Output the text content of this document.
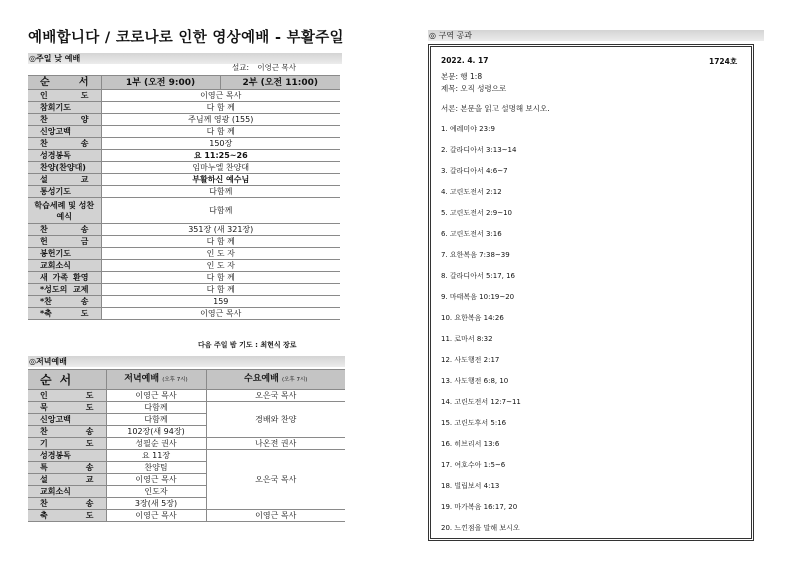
예배합니다 / 코로나로 인한 영상예배 - 부활주일
◎주일 낮 예배
설교: 이영근 목사
순 서	1부 (오전 9:00)	2부 (오전 11:00)
인 도	이영근 목사	
참회기도	다 함 께	
찬 양	주님께 영광 (155)	
신앙고백	다 함 께	
찬 송	150장	
성경봉독	요 11:25~26	
찬양(찬양대)	임마누엘 찬양대	
설 교	부활하신 예수님	
통성기도	다함께	
학습세례 및 성찬예식	다함께	
찬 송	351장 (새 321장)	
헌 금	다 함 께	
봉헌기도	인 도 자	
교회소식	인 도 자	
새 가족 환영	다 함 께	
*성도의 교제	다 함 께	
*찬 송	159	
*축 도	이영근 목사	
다음 주일 밤 기도 : 최현식 장로
◎저녁예배
순서	저녁예배 (오후 7시)	수요예배 (오후 7시)
인 도	이영근 목사	오은국 목사
묵 도	다함께	경배와 찬양
신앙고백	다함께	
찬 송	102장(새 94장)	
기 도	성필순 권사	나온전 권사
성경봉독	요 11장	오은국 목사
특 송	찬양팀	
설 교	이영근 목사	
교회소식	인도자	
찬 송	3장(새 5장)	
축 도	이영근 목사	이영근 목사
◎ 구역 공과
2022. 4. 17	1724호
본문: 행 1:8
제목: 오직 성령으로
서론: 본문을 읽고 설명해 보시오.
1. 예레미야 23:9
2. 갈라디아서 3:13~14
3. 갈라디아서 4:6~7
4. 고린도전서 2:12
5. 고린도전서 2:9~10
6. 고린도전서 3:16
7. 요한복음 7:38~39
8. 갈라디아서 5:17, 16
9. 마태복음 10:19~20
10. 요한복음 14:26
11. 로마서 8:32
12. 사도행전 2:17
13. 사도행전 6:8, 10
14. 고린도전서 12:7~11
15. 고린도후서 5:16
16. 히브리서 13:6
17. 여호수아 1:5~6
18. 빌립보서 4:13
19. 마가복음 16:17, 20
20. 느낀점을 말해 보시오
